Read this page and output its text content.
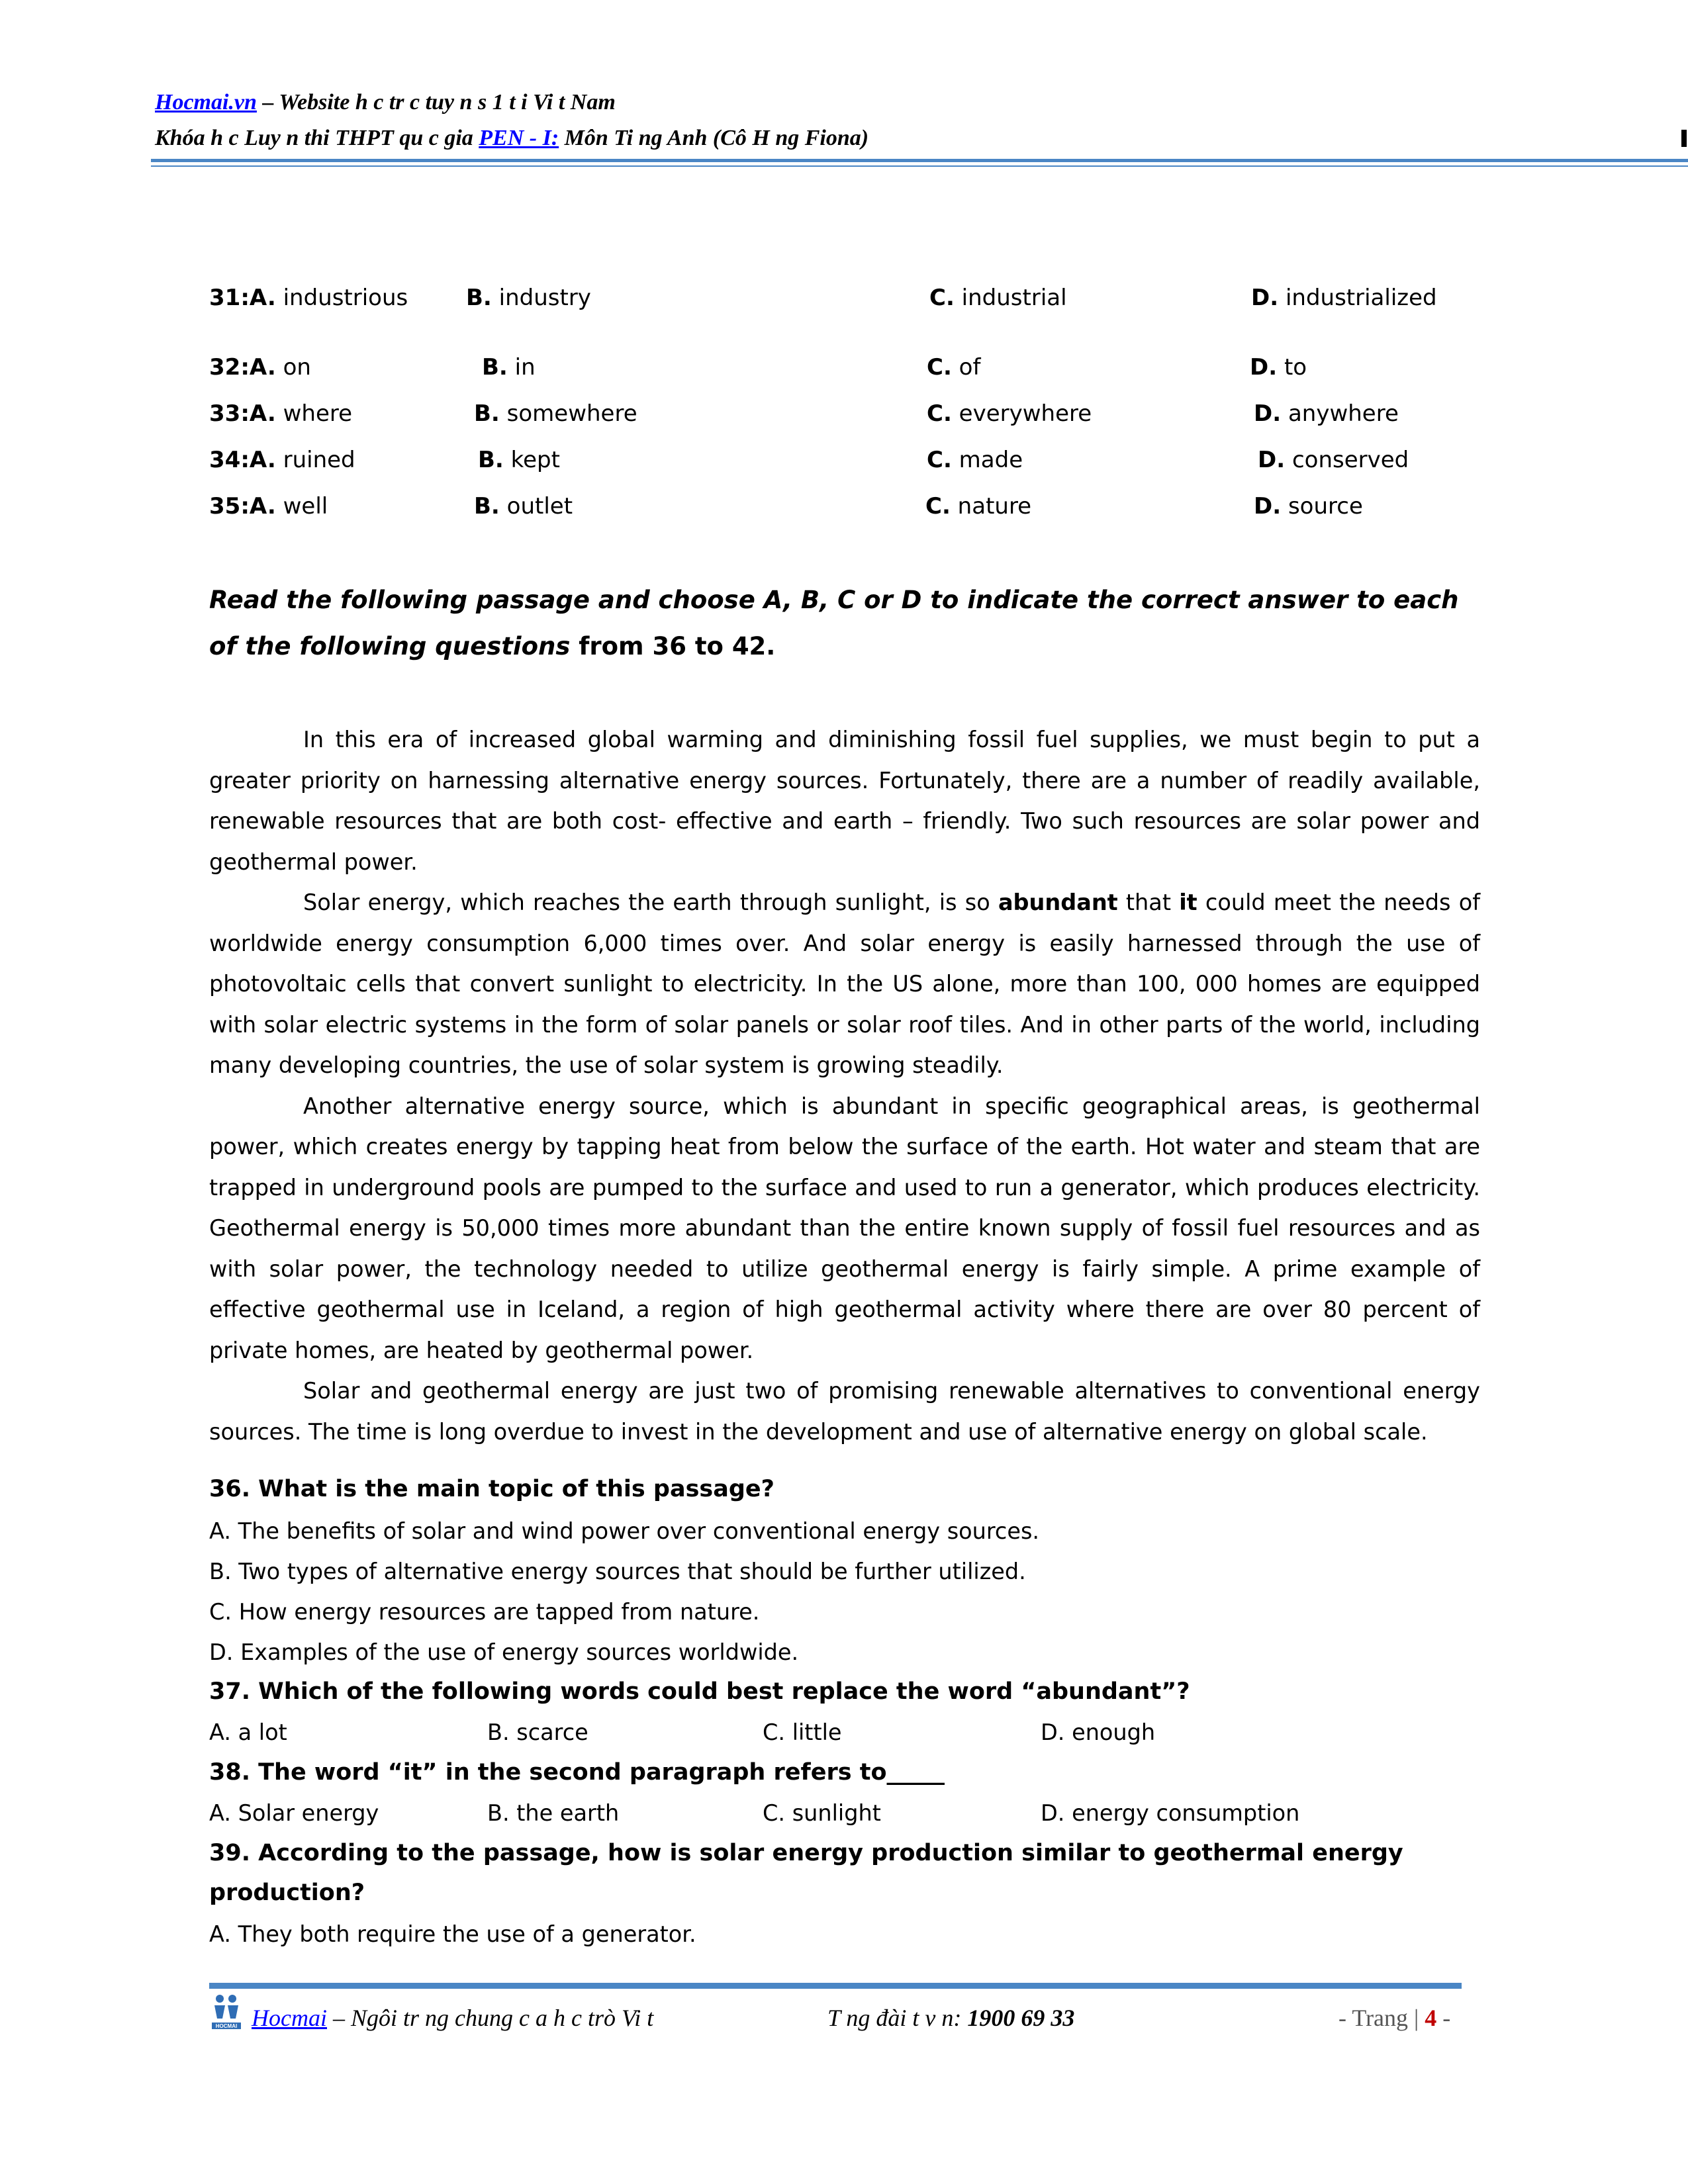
Hocmai.vn – Website h c tr c tuy n s 1 t i Vi t Nam
Khóa h c Luy n thi THPT qu c gia PEN - I: Môn Ti ng Anh (Cô H ng Fiona)
31:A. industrious	B. industry	C. industrial	D. industrialized
32:A. on	B. in	C. of	D. to
33:A. where	B. somewhere	C. everywhere	D. anywhere
34:A. ruined	B. kept	C. made	D. conserved
35:A. well	B. outlet	C. nature	D. source
Read the following passage and choose A, B, C or D to indicate the correct answer to each of the following questions from 36 to 42.

In this era of increased global warming and diminishing fossil fuel supplies, we must begin to put a greater priority on harnessing alternative energy sources. Fortunately, there are a number of readily available, renewable resources that are both cost- effective and earth – friendly. Two such resources are solar power and geothermal power.

Solar energy, which reaches the earth through sunlight, is so abundant that it could meet the needs of worldwide energy consumption 6,000 times over. And solar energy is easily harnessed through the use of photovoltaic cells that convert sunlight to electricity. In the US alone, more than 100, 000 homes are equipped with solar electric systems in the form of solar panels or solar roof tiles. And in other parts of the world, including many developing countries, the use of solar system is growing steadily.

Another alternative energy source, which is abundant in specific geographical areas, is geothermal power, which creates energy by tapping heat from below the surface of the earth. Hot water and steam that are trapped in underground pools are pumped to the surface and used to run a generator, which produces electricity. Geothermal energy is 50,000 times more abundant than the entire known supply of fossil fuel resources and as with solar power, the technology needed to utilize geothermal energy is fairly simple. A prime example of effective geothermal use in Iceland, a region of high geothermal activity where there are over 80 percent of private homes, are heated by geothermal power.

Solar and geothermal energy are just two of promising renewable alternatives to conventional energy sources. The time is long overdue to invest in the development and use of alternative energy on global scale.

36. What is the main topic of this passage?
A. The benefits of solar and wind power over conventional energy sources.
B. Two types of alternative energy sources that should be further utilized.
C. How energy resources are tapped from nature.
D. Examples of the use of energy sources worldwide.
37. Which of the following words could best replace the word “abundant”?
A. a lot	B. scarce	C. little	D. enough
38. The word “it” in the second paragraph refers to_____
A. Solar energy	B. the earth	C. sunlight	D. energy consumption
39. According to the passage, how is solar energy production similar to geothermal energy
production?
A. They both require the use of a generator.
HOCMAI Hocmai – Ngôi tr ng chung c a h c trò Vi t	T ng đài t v n: 1900 69 33	- Trang | 4 -
